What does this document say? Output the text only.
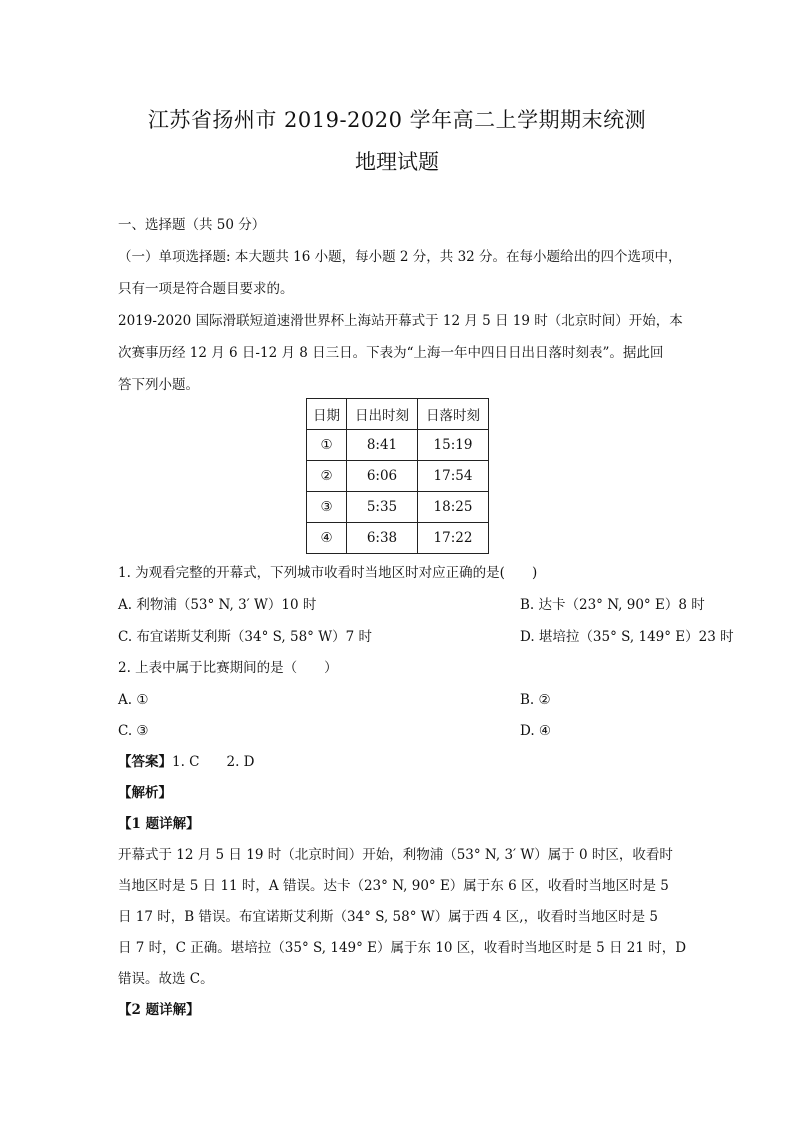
江苏省扬州市 2019-2020 学年高二上学期期末统测
地理试题
一、选择题（共 50 分）
（一）单项选择题: 本大题共 16 小题，每小题 2 分，共 32 分。在每小题给出的四个选项中，
只有一项是符合题目要求的。
2019-2020 国际滑联短道速滑世界杯上海站开幕式于 12 月 5 日 19 时（北京时间）开始，本
次赛事历经 12 月 6 日-12 月 8 日三日。下表为“上海一年中四日日出日落时刻表”。据此回
答下列小题。
日期	日出时刻	日落时刻
①	8:41	15:19
②	6:06	17:54
③	5:35	18:25
④	6:38	17:22
1. 为观看完整的开幕式，下列城市收看时当地区时对应正确的是(　　)
A. 利物浦（53° N, 3′ W）10 时	B. 达卡（23° N, 90° E）8 时
C. 布宜诺斯艾利斯（34° S, 58° W）7 时	D. 堪培拉（35° S, 149° E）23 时
2. 上表中属于比赛期间的是（　　）
A. ①	B. ②
C. ③	D. ④
【答案】1. C　　2. D
【解析】
【1 题详解】
开幕式于 12 月 5 日 19 时（北京时间）开始，利物浦（53° N, 3′ W）属于 0 时区，收看时
当地区时是 5 日 11 时，A 错误。达卡（23° N, 90° E）属于东 6 区，收看时当地区时是 5
日 17 时，B 错误。布宜诺斯艾利斯（34° S, 58° W）属于西 4 区,，收看时当地区时是 5
日 7 时，C 正确。堪培拉（35° S, 149° E）属于东 10 区，收看时当地区时是 5 日 21 时，D
错误。故选 C。
【2 题详解】
